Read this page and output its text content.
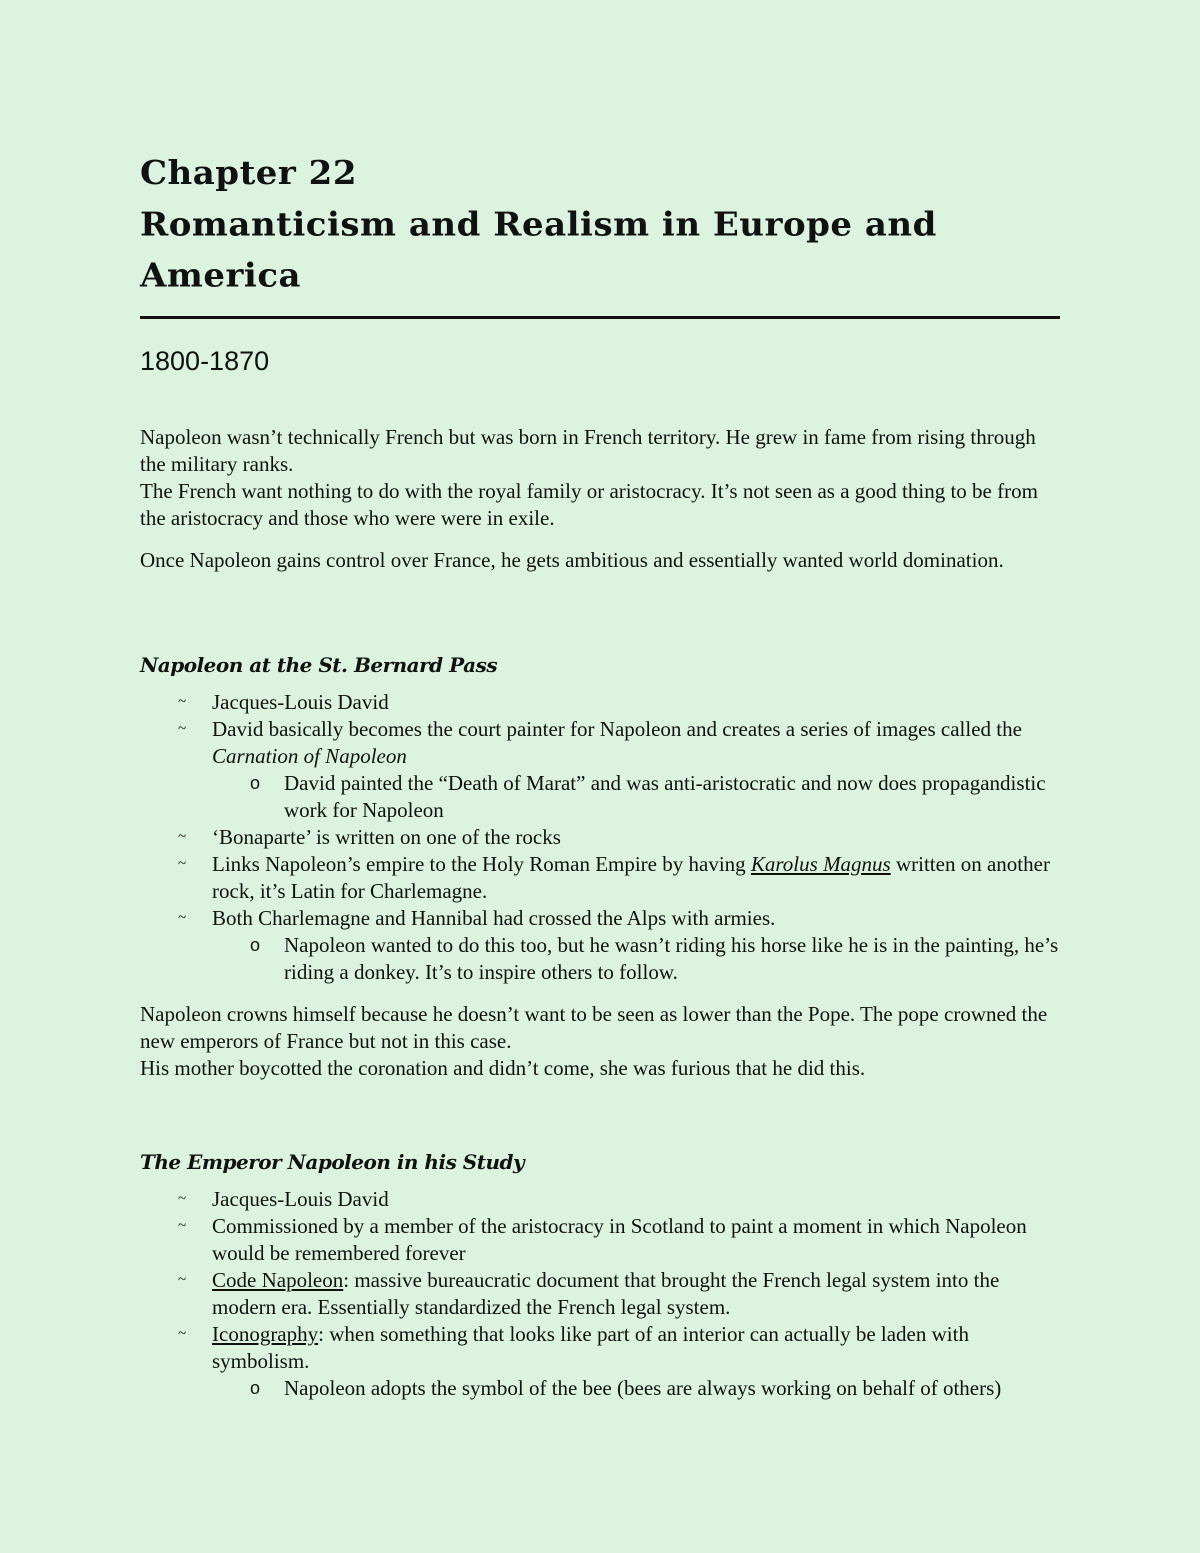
Chapter 22
Romanticism and Realism in Europe and America
1800-1870

Napoleon wasn’t technically French but was born in French territory. He grew in fame from rising through the military ranks.

The French want nothing to do with the royal family or aristocracy. It’s not seen as a good thing to be from the aristocracy and those who were were in exile.

Once Napoleon gains control over France, he gets ambitious and essentially wanted world domination.

Napoleon at the St. Bernard Pass
~ Jacques-Louis David
~ David basically becomes the court painter for Napoleon and creates a series of images called the Carnation of Napoleon
o David painted the “Death of Marat” and was anti-aristocratic and now does propagandistic work for Napoleon
~ ‘Bonaparte’ is written on one of the rocks
~ Links Napoleon’s empire to the Holy Roman Empire by having Karolus Magnus written on another rock, it’s Latin for Charlemagne.
~ Both Charlemagne and Hannibal had crossed the Alps with armies.
o Napoleon wanted to do this too, but he wasn’t riding his horse like he is in the painting, he’s riding a donkey. It’s to inspire others to follow.

Napoleon crowns himself because he doesn’t want to be seen as lower than the Pope. The pope crowned the new emperors of France but not in this case.

His mother boycotted the coronation and didn’t come, she was furious that he did this.

The Emperor Napoleon in his Study
~ Jacques-Louis David
~ Commissioned by a member of the aristocracy in Scotland to paint a moment in which Napoleon would be remembered forever
~ Code Napoleon: massive bureaucratic document that brought the French legal system into the modern era. Essentially standardized the French legal system.
~ Iconography: when something that looks like part of an interior can actually be laden with symbolism.
o Napoleon adopts the symbol of the bee (bees are always working on behalf of others)
